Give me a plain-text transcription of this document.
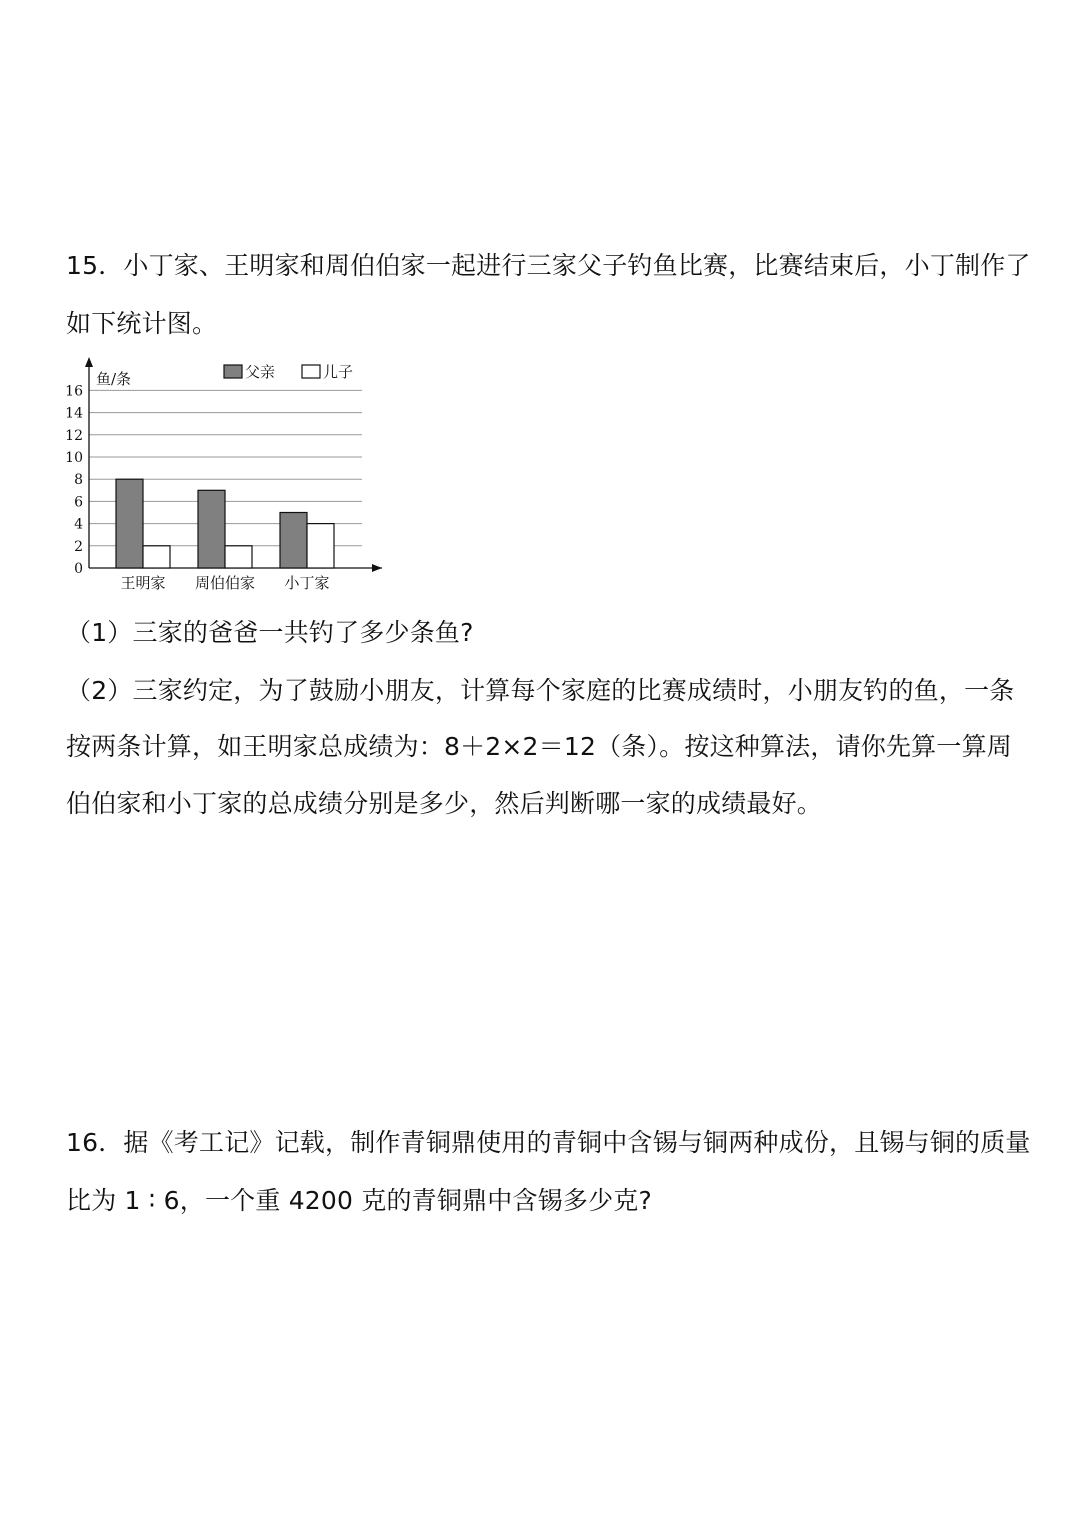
15．小丁家、王明家和周伯伯家一起进行三家父子钓鱼比赛，比赛结束后，小丁制作了
如下统计图。
0
2
4
6
8
10
12
14
16
鱼/条
王明家 周伯伯家 小丁家
父亲	儿子
（1）三家的爸爸一共钓了多少条鱼?
（2）三家约定，为了鼓励小朋友，计算每个家庭的比赛成绩时，小朋友钓的鱼，一条
按两条计算，如王明家总成绩为：8＋2×2＝12（条）。按这种算法，请你先算一算周
伯伯家和小丁家的总成绩分别是多少，然后判断哪一家的成绩最好。
16．据《考工记》记载，制作青铜鼎使用的青铜中含锡与铜两种成份，且锡与铜的质量
比为 1 ∶ 6，一个重 4200 克的青铜鼎中含锡多少克?
